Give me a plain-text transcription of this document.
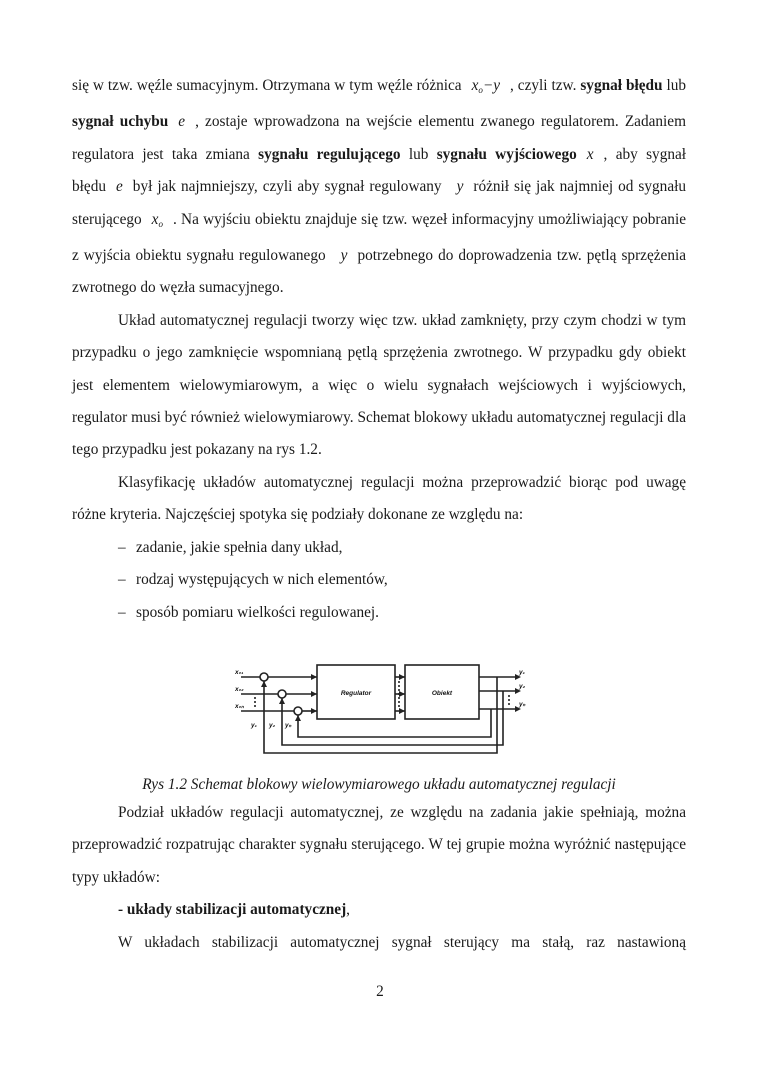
się w tzw. węźle sumacyjnym. Otrzymana w tym węźle różnica $x_o-y$ , czyli tzw. sygnał błędu lub sygnał uchybu e , zostaje wprowadzona na wejście elementu zwanego regulatorem. Zadaniem regulatora jest taka zmiana sygnału regulującego lub sygnału wyjściowego x , aby sygnał błędu e był jak najmniejszy, czyli aby sygnał regulowany y różnił się jak najmniej od sygnału sterującego $x_o$ . Na wyjściu obiektu znajduje się tzw. węzeł informacyjny umożliwiający pobranie z wyjścia obiektu sygnału regulowanego y potrzebnego do doprowadzenia tzw. pętlą sprzężenia zwrotnego do węzła sumacyjnego.

Układ automatycznej regulacji tworzy więc tzw. układ zamknięty, przy czym chodzi w tym przypadku o jego zamknięcie wspomnianą pętlą sprzężenia zwrotnego. W przypadku gdy obiekt jest elementem wielowymiarowym, a więc o wielu sygnałach wejściowych i wyjściowych, regulator musi być również wielowymiarowy. Schemat blokowy układu automatycznej regulacji dla tego przypadku jest pokazany na rys 1.2.

Klasyfikację układów automatycznej regulacji można przeprowadzić biorąc pod uwagę różne kryteria. Najczęściej spotyka się podziały dokonane ze względu na:

– zadanie, jakie spełnia dany układ,
– rodzaj występujących w nich elementów,
– sposób pomiaru wielkości regulowanej.
Regulator	Obiekt
x₀₁
x₀₂
x₀ₙ
y₁
y₂
yₙ
y₁ y₂ yₙ
Rys 1.2 Schemat blokowy wielowymiarowego układu automatycznej regulacji

Podział układów regulacji automatycznej, ze względu na zadania jakie spełniają, można przeprowadzić rozpatrując charakter sygnału sterującego. W tej grupie można wyróżnić następujące typy układów:

- układy stabilizacji automatycznej,

W układach stabilizacji automatycznej sygnał sterujący ma stałą, raz nastawioną

2
